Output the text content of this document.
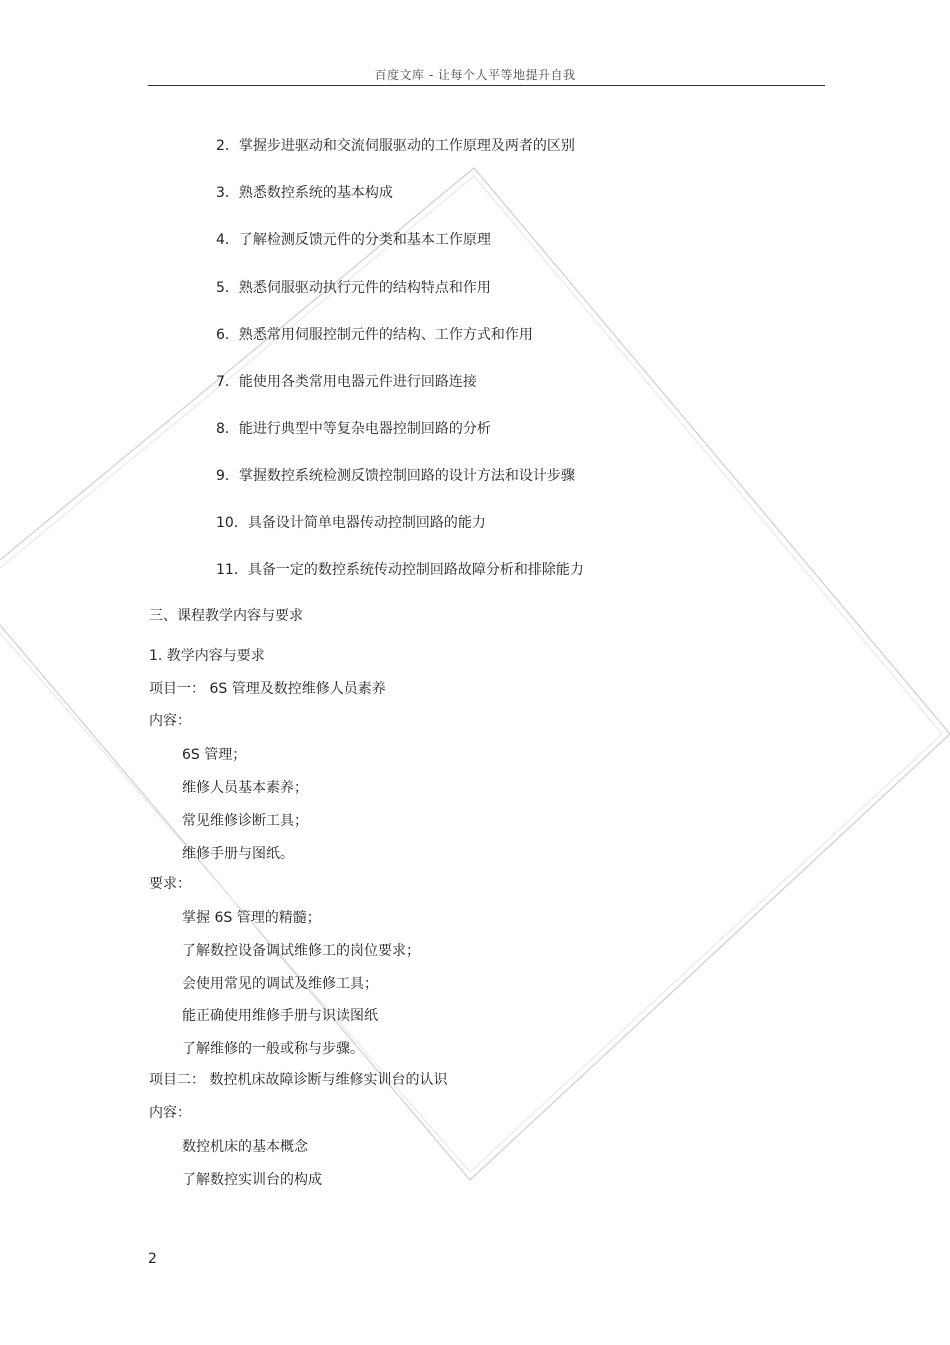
百度文库 - 让每个人平等地提升自我
2．掌握步进驱动和交流伺服驱动的工作原理及两者的区别
3．熟悉数控系统的基本构成
4．了解检测反馈元件的分类和基本工作原理
5．熟悉伺服驱动执行元件的结构特点和作用
6．熟悉常用伺服控制元件的结构、工作方式和作用
7．能使用各类常用电器元件进行回路连接
8．能进行典型中等复杂电器控制回路的分析
9．掌握数控系统检测反馈控制回路的设计方法和设计步骤
10．具备设计简单电器传动控制回路的能力
11．具备一定的数控系统传动控制回路故障分析和排除能力
三、课程教学内容与要求
1. 教学内容与要求
项目一： 6S 管理及数控维修人员素养
内容：
6S 管理；
维修人员基本素养；
常见维修诊断工具；
维修手册与图纸。
要求：
掌握 6S 管理的精髓；
了解数控设备调试维修工的岗位要求；
会使用常见的调试及维修工具；
能正确使用维修手册与识读图纸
了解维修的一般或称与步骤。
项目二： 数控机床故障诊断与维修实训台的认识
内容：
数控机床的基本概念
了解数控实训台的构成
2
